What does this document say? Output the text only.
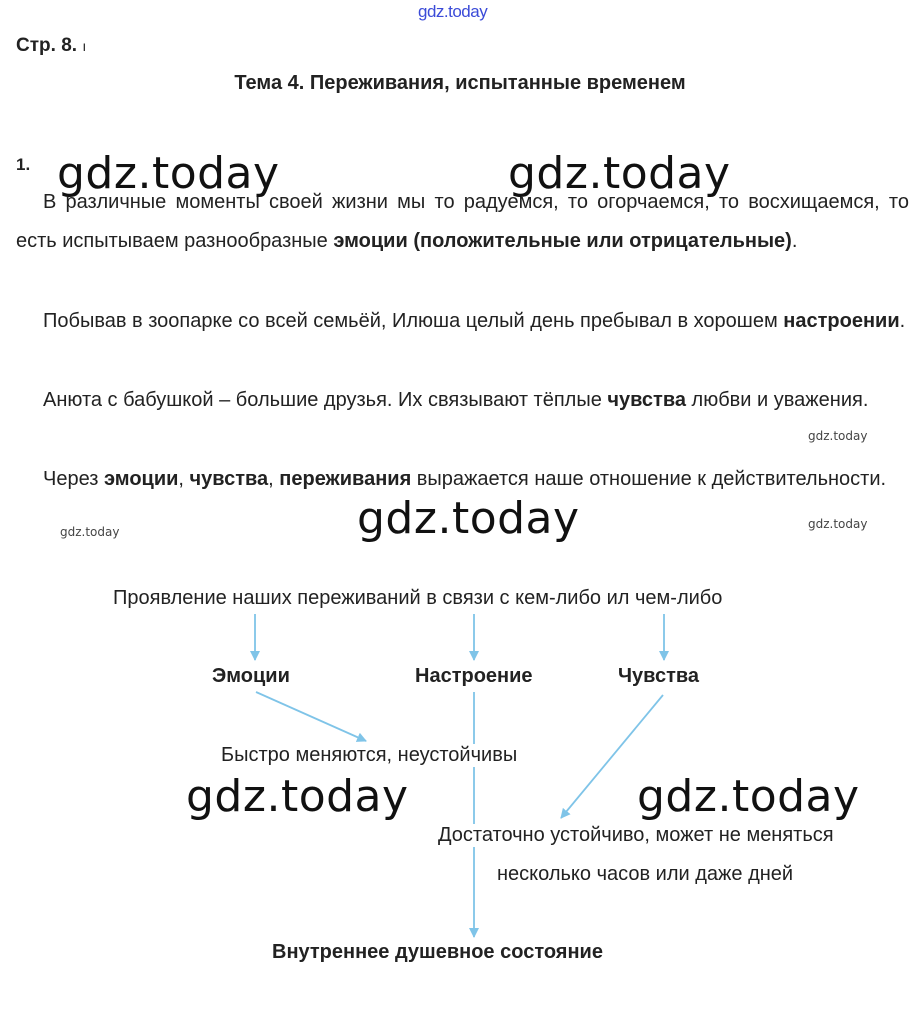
gdz.today
Стр. 8. ı
Тема 4. Переживания, испытанные временем
1. gdz.today	gdz.today

В различные моменты своей жизни мы то радуемся, то огорчаемся, то восхищаемся, то есть испытываем разнообразные эмоции (положительные или отрицательные).

Побывав в зоопарке со всей семьёй, Илюша целый день пребывал в хорошем настроении.

Анюта с бабушкой – большие друзья. Их связывают тёплые чувства любви и уважения.

Через эмоции, чувства, переживания выражается наше отношение к действительности.

gdz.today
gdz.today
gdz.today	gdz.today
Проявление наших переживаний в связи с кем-либо ил чем-либо
Эмоции	Настроение	Чувства
Быстро меняются, неустойчивы
Достаточно устойчиво, может не меняться
несколько часов или даже дней
Внутреннее душевное состояние
gdz.today	gdz.today
